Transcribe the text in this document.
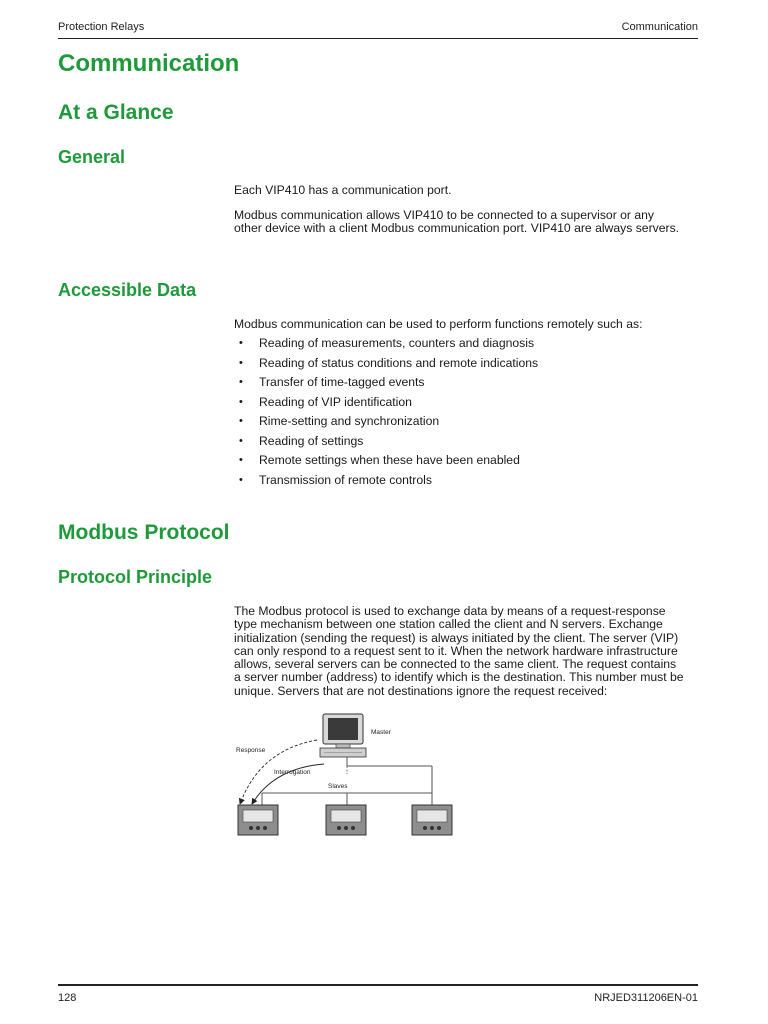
Protection Relays	Communication
Communication
At a Glance
General

Each VIP410 has a communication port.

Modbus communication allows VIP410 to be connected to a supervisor or any other device with a client Modbus communication port. VIP410 are always servers.

Accessible Data

Modbus communication can be used to perform functions remotely such as:

• Reading of measurements, counters and diagnosis
• Reading of status conditions and remote indications
• Transfer of time-tagged events
• Reading of VIP identification
• Rime-setting and synchronization
• Reading of settings
• Remote settings when these have been enabled
• Transmission of remote controls
Modbus Protocol
Protocol Principle

The Modbus protocol is used to exchange data by means of a request-response type mechanism between one station called the client and N servers. Exchange initialization (sending the request) is always initiated by the client. The server (VIP) can only respond to a request sent to it. When the network hardware infrastructure allows, several servers can be connected to the same client. The request contains a server number (address) to identify which is the destination. This number must be unique. Servers that are not destinations ignore the request received:

Master
Response
Interrogation
Slaves
128	NRJED311206EN-01
